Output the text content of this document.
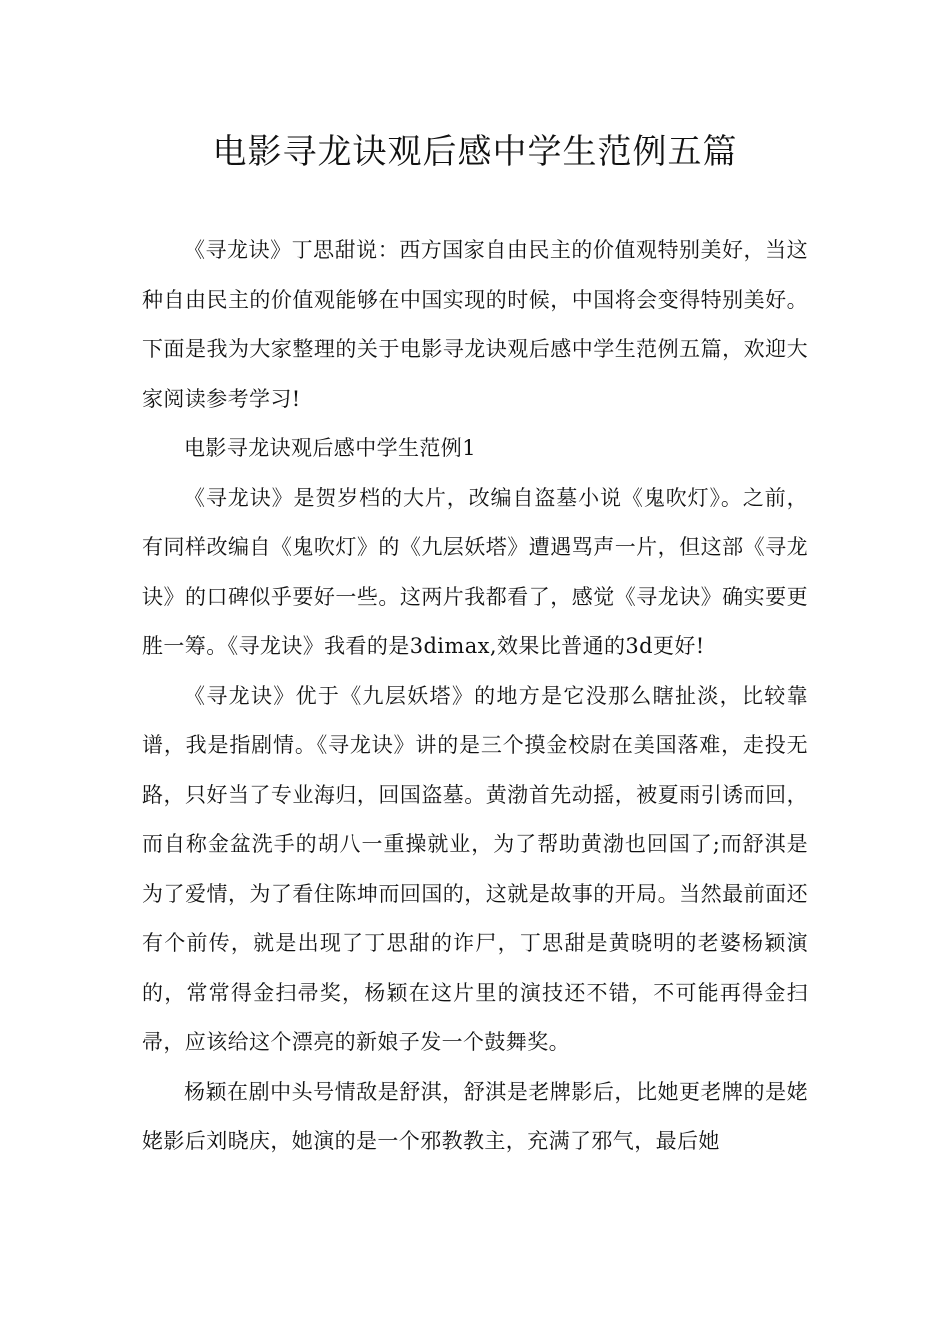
电影寻龙诀观后感中学生范例五篇

《寻龙诀》丁思甜说：西方国家自由民主的价值观特别美好，当这种自由民主的价值观能够在中国实现的时候，中国将会变得特别美好。下面是我为大家整理的关于电影寻龙诀观后感中学生范例五篇，欢迎大家阅读参考学习!

电影寻龙诀观后感中学生范例1

《寻龙诀》是贺岁档的大片，改编自盗墓小说《鬼吹灯》。之前，有同样改编自《鬼吹灯》的《九层妖塔》遭遇骂声一片，但这部《寻龙诀》的口碑似乎要好一些。这两片我都看了，感觉《寻龙诀》确实要更胜一筹。《寻龙诀》我看的是3dimax,效果比普通的3d更好!

《寻龙诀》优于《九层妖塔》的地方是它没那么瞎扯淡，比较靠谱，我是指剧情。《寻龙诀》讲的是三个摸金校尉在美国落难，走投无路，只好当了专业海归，回国盗墓。黄渤首先动摇，被夏雨引诱而回，而自称金盆洗手的胡八一重操就业，为了帮助黄渤也回国了;而舒淇是为了爱情，为了看住陈坤而回国的，这就是故事的开局。当然最前面还有个前传，就是出现了丁思甜的诈尸，丁思甜是黄晓明的老婆杨颖演的，常常得金扫帚奖，杨颖在这片里的演技还不错，不可能再得金扫帚，应该给这个漂亮的新娘子发一个鼓舞奖。

杨颖在剧中头号情敌是舒淇，舒淇是老牌影后，比她更老牌的是姥姥影后刘晓庆，她演的是一个邪教教主，充满了邪气，最后她
